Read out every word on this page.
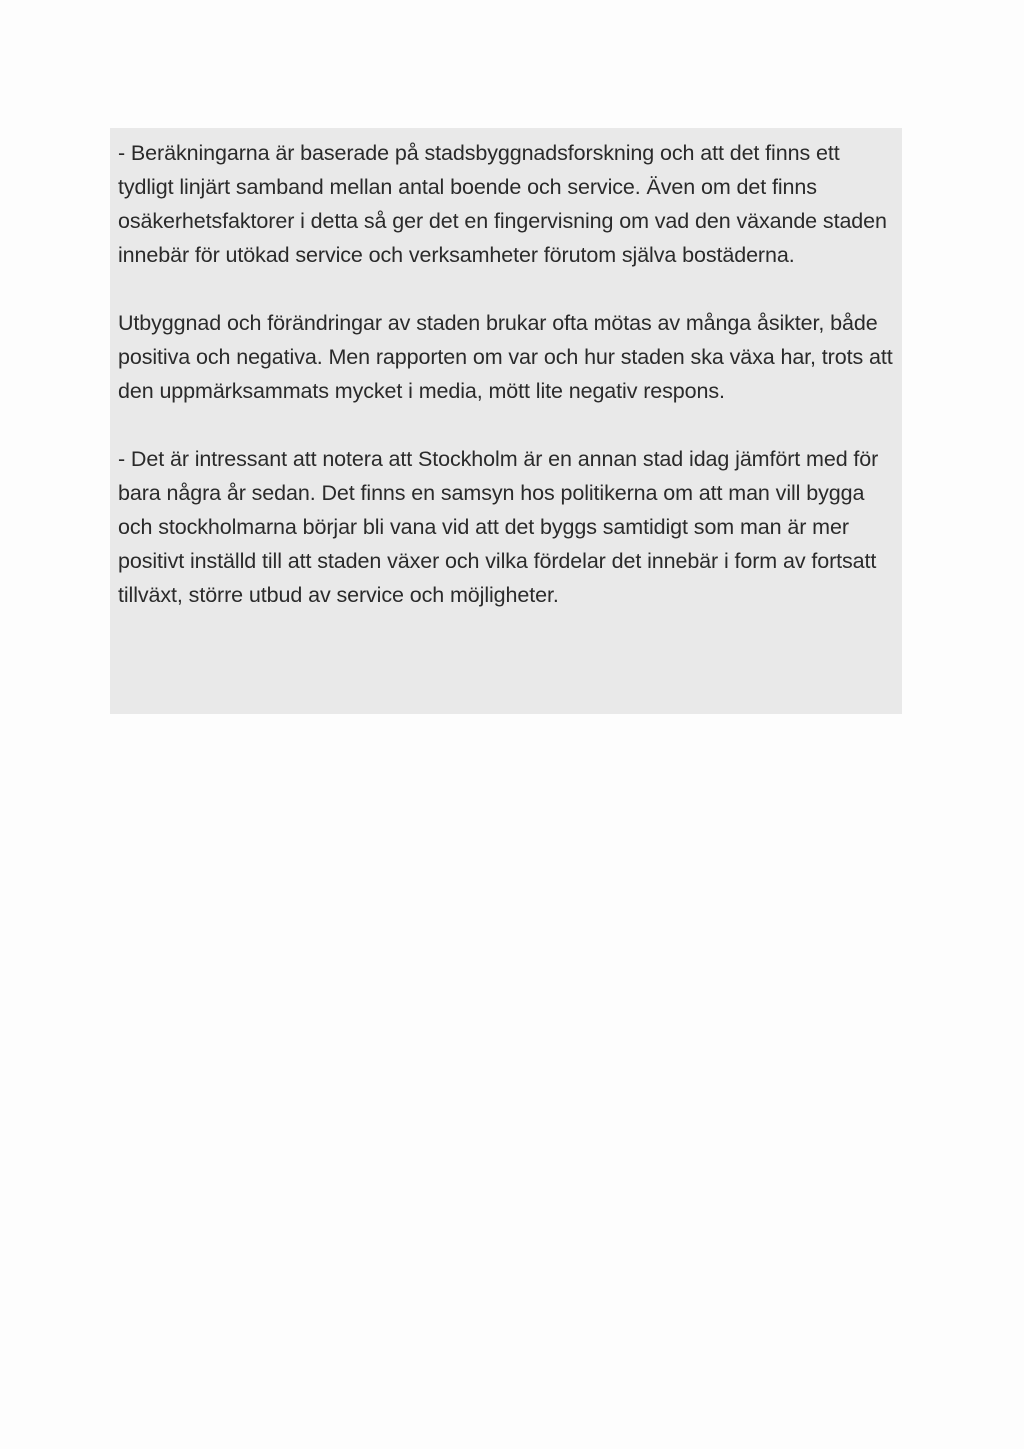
- Beräkningarna är baserade på stadsbyggnadsforskning och att det finns ett tydligt linjärt samband mellan antal boende och service. Även om det finns osäkerhetsfaktorer i detta så ger det en fingervisning om vad den växande staden innebär för utökad service och verksamheter förutom själva bostäderna.

Utbyggnad och förändringar av staden brukar ofta mötas av många åsikter, både positiva och negativa. Men rapporten om var och hur staden ska växa har, trots att den uppmärksammats mycket i media, mött lite negativ respons.

- Det är intressant att notera att Stockholm är en annan stad idag jämfört med för bara några år sedan. Det finns en samsyn hos politikerna om att man vill bygga och stockholmarna börjar bli vana vid att det byggs samtidigt som man är mer positivt inställd till att staden växer och vilka fördelar det innebär i form av fortsatt tillväxt, större utbud av service och möjligheter.
